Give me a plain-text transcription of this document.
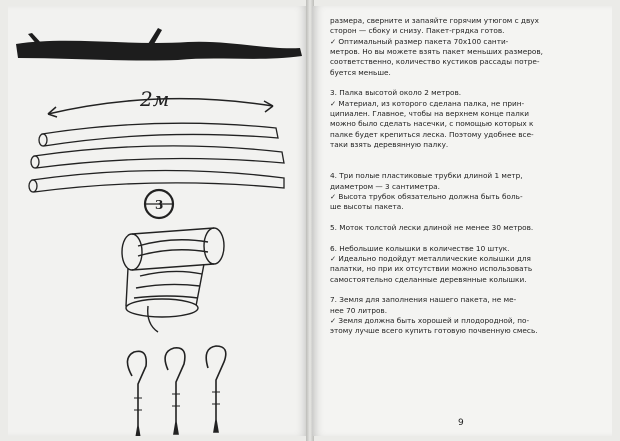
2м
3

размера, сверните и запаяйте горячим утюгом с двух

сторон — сбоку и снизу. Пакет-грядка готов.

✓ Оптимальный размер пакета 70х100 санти-

метров. Но вы можете взять пакет меньших размеров,

соответственно, количество кустиков рассады потре-

буется меньше.

3. Палка высотой около 2 метров.

✓ Материал, из которого сделана палка, не прин-

ципиален. Главное, чтобы на верхнем конце палки

можно было сделать насечки, с помощью которых к

палке будет крепиться леска. Поэтому удобнее все-

таки взять деревянную палку.

4. Три полые пластиковые трубки длиной 1 метр,

диаметром — 3 сантиметра.

✓ Высота трубок обязательно должна быть боль-

ше высоты пакета.

5. Моток толстой лески длиной не менее 30 метров.

6. Небольшие колышки в количестве 10 штук.

✓ Идеально подойдут металлические колышки для

палатки, но при их отсутствии можно использовать

самостоятельно сделанные деревянные колышки.

7. Земля для заполнения нашего пакета, не ме-

нее 70 литров.

✓ Земля должна быть хорошей и плодородной, по-

этому лучше всего купить готовую почвенную смесь.

9
